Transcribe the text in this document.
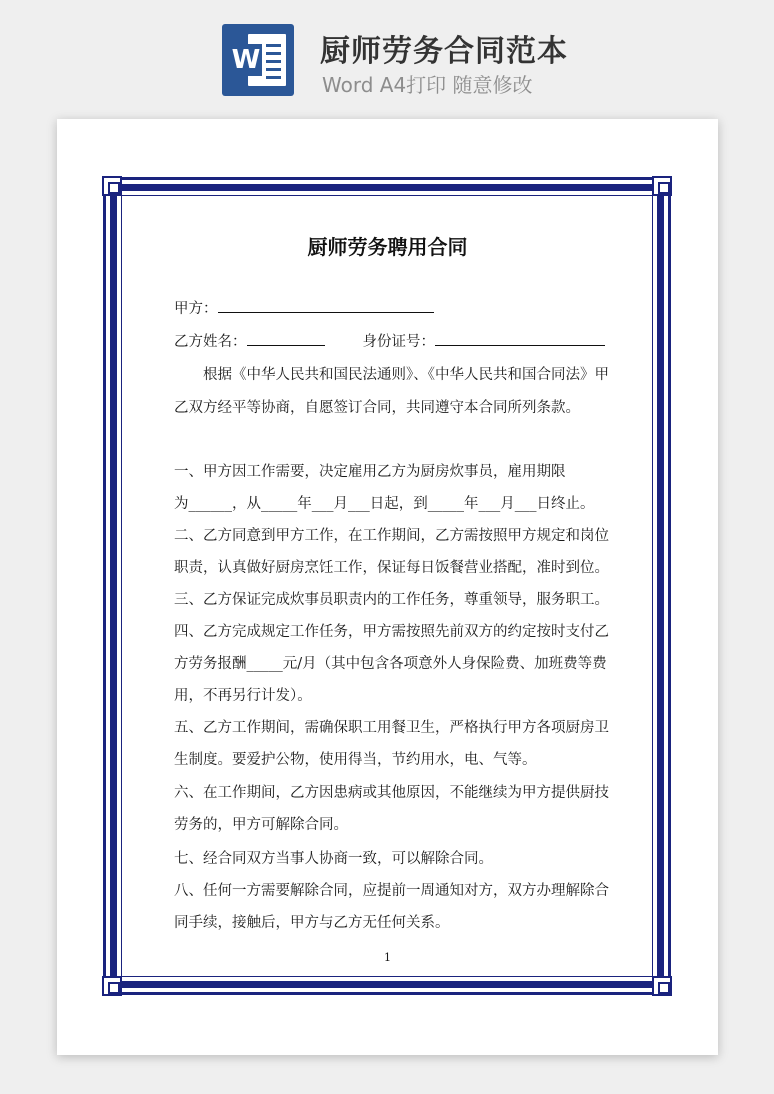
W 厨师劳务合同范本
Word A4打印 随意修改
厨师劳务聘用合同
甲方：
乙方姓名：	身份证号：
根据《中华人民共和国民法通则》、《中华人民共和国合同法》甲
乙双方经平等协商，自愿签订合同，共同遵守本合同所列条款。
一、甲方因工作需要，决定雇用乙方为厨房炊事员，雇用期限
为______，从_____年___月___日起，到_____年___月___日终止。
二、乙方同意到甲方工作，在工作期间，乙方需按照甲方规定和岗位
职责，认真做好厨房烹饪工作，保证每日饭餐营业搭配，准时到位。
三、乙方保证完成炊事员职责内的工作任务，尊重领导，服务职工。
四、乙方完成规定工作任务，甲方需按照先前双方的约定按时支付乙
方劳务报酬_____元/月（其中包含各项意外人身保险费、加班费等费
用，不再另行计发）。
五、乙方工作期间，需确保职工用餐卫生，严格执行甲方各项厨房卫
生制度。要爱护公物，使用得当，节约用水，电、气等。
六、在工作期间，乙方因患病或其他原因，不能继续为甲方提供厨技
劳务的，甲方可解除合同。
七、经合同双方当事人协商一致，可以解除合同。
八、任何一方需要解除合同，应提前一周通知对方，双方办理解除合
同手续，接触后，甲方与乙方无任何关系。
1
